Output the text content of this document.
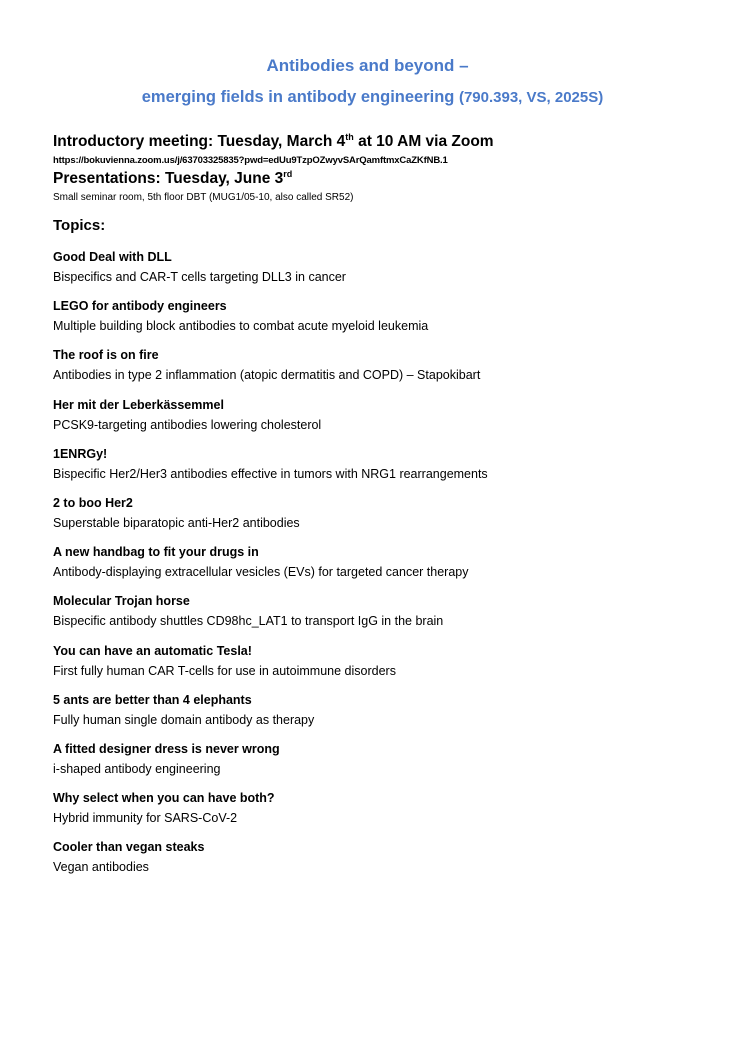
Antibodies and beyond –
emerging fields in antibody engineering (790.393, VS, 2025S)
Introductory meeting: Tuesday, March 4th at 10 AM via Zoom
https://bokuvienna.zoom.us/j/63703325835?pwd=edUu9TzpOZwyvSArQamftmxCaZKfNB.1
Presentations: Tuesday, June 3rd
Small seminar room, 5th floor DBT (MUG1/05-10, also called SR52)
Topics:
Good Deal with DLL
Bispecifics and CAR-T cells targeting DLL3 in cancer
LEGO for antibody engineers
Multiple building block antibodies to combat acute myeloid leukemia
The roof is on fire
Antibodies in type 2 inflammation (atopic dermatitis and COPD) – Stapokibart
Her mit der Leberkässemmel
PCSK9-targeting antibodies lowering cholesterol
1ENRGy!
Bispecific Her2/Her3 antibodies effective in tumors with NRG1 rearrangements
2 to boo Her2
Superstable biparatopic anti-Her2 antibodies
A new handbag to fit your drugs in
Antibody-displaying extracellular vesicles (EVs) for targeted cancer therapy
Molecular Trojan horse
Bispecific antibody shuttles CD98hc_LAT1 to transport IgG in the brain
You can have an automatic Tesla!
First fully human CAR T-cells for use in autoimmune disorders
5 ants are better than 4 elephants
Fully human single domain antibody as therapy
A fitted designer dress is never wrong
i-shaped antibody engineering
Why select when you can have both?
Hybrid immunity for SARS-CoV-2
Cooler than vegan steaks
Vegan antibodies
